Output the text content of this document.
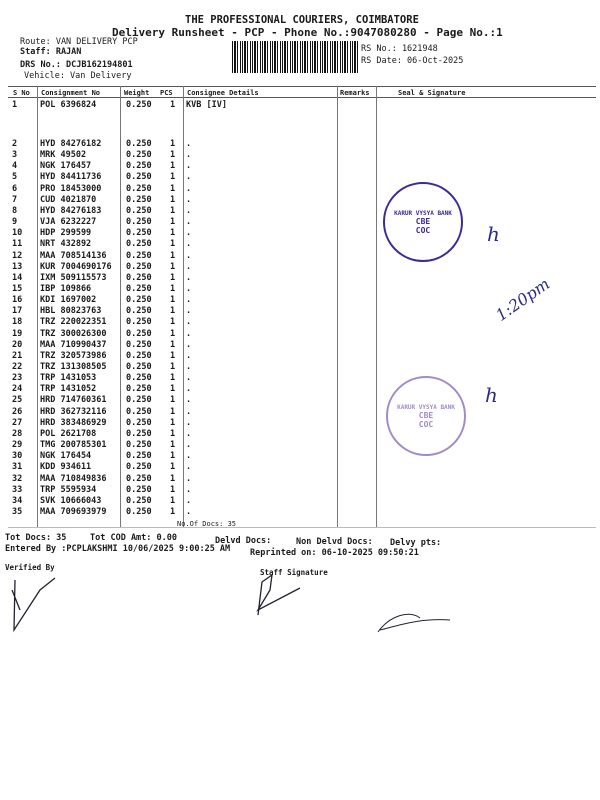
THE PROFESSIONAL COURIERS, COIMBATORE
Delivery Runsheet - PCP - Phone No.:9047080280 - Page No.:1
Route: VAN DELIVERY PCP
Staff: RAJAN
DRS No.: DCJB162194801
Vehicle: Van Delivery
RS No.: 1621948
RS Date: 06-Oct-2025
S No Consignment No	Weight PCS Consignee Details	Remarks	Seal & Signature
1	POL 6396824	0.250 1 KVB [IV]
2	HYD 84276182	0.250 1 .
3	MRK 49502	0.250 1 .
4	NGK 176457	0.250 1 .
5	HYD 84411736	0.250 1 .
6	PRO 18453000	0.250 1 .
7	CUD 4021870	0.250 1 .
8	HYD 84276183	0.250 1 .
9	VJA 6232227	0.250 1 .
10 HDP 299599	0.250 1 .
11 NRT 432892	0.250 1 .
12 MAA 708514136 0.250 1 .
13 KUR 7004690176 0.250 1 .
14 IXM 509115573 0.250 1 .
15 IBP 109866	0.250 1 .
16 KDI 1697002	0.250 1 .
17 HBL 80823763	0.250 1 .
18 TRZ 220022351 0.250 1 .
19 TRZ 300026300 0.250 1 .
20 MAA 710990437 0.250 1 .
21 TRZ 320573986 0.250 1 .
22 TRZ 131308505 0.250 1 .
23 TRP 1431053	0.250 1 .
24 TRP 1431052	0.250 1 .
25 HRD 714760361 0.250 1 .
26 HRD 362732116 0.250 1 .
27 HRD 383486929 0.250 1 .
28 POL 2621708	0.250 1 .
29 TMG 200785301 0.250 1 .
30 NGK 176454	0.250 1 .
31 KDD 934611	0.250 1 .
32 MAA 710849836 0.250 1 .
33 TRP 5595934	0.250 1 .
34 SVK 10666043	0.250 1 .
35 MAA 709693979 0.250 1 .
No.Of Docs: 35
Tot Docs: 35	Tot COD Amt: 0.00	Delvd Docs:	Non Delvd Docs: Delvy pts:
Entered By :PCPLAKSHMI 10/06/2025 9:00:25 AM Reprinted on: 06-10-2025 09:50:21
Verified By
Staff Signature
KARUR VYSYA BANK
CBE
COC
KARUR VYSYA BANK
CBE
COC
h
1:20pm
h
